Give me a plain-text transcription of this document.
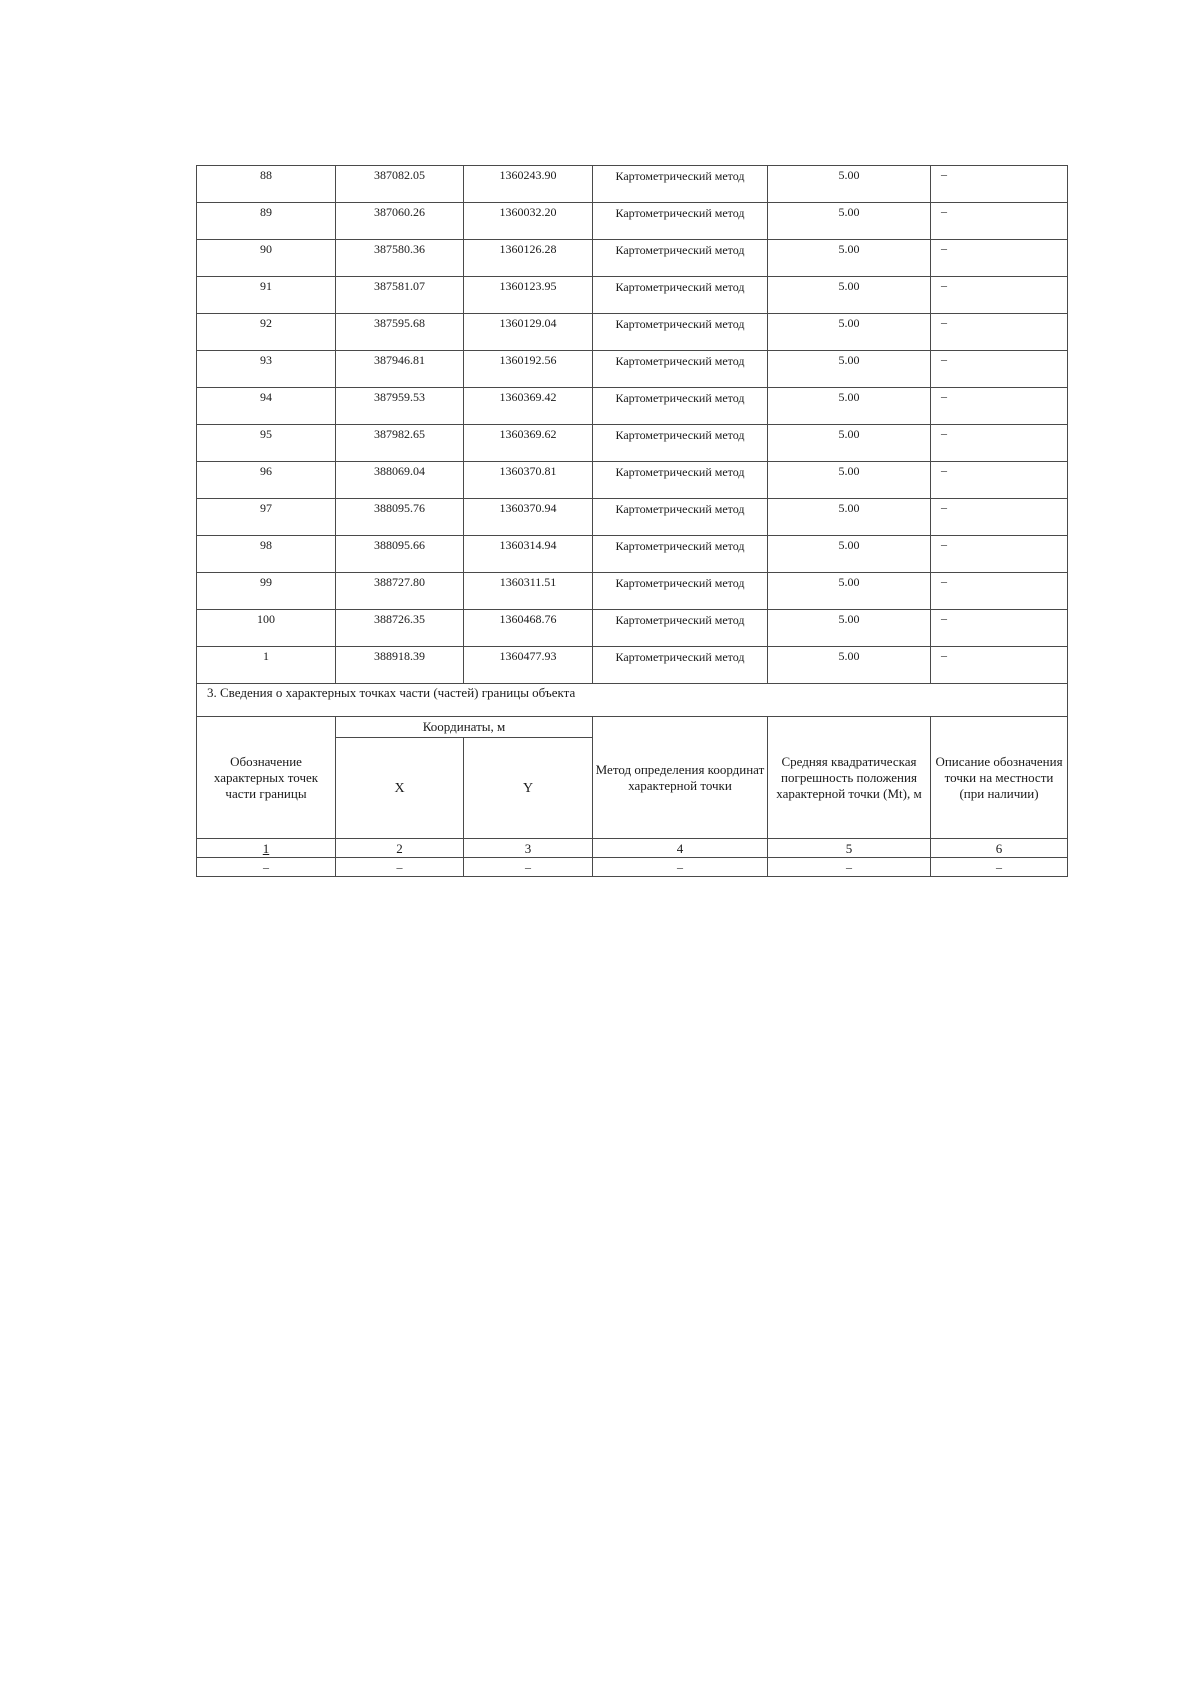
88	387082.05	1360243.90	Картометрический метод	5.00	–
89	387060.26	1360032.20	Картометрический метод	5.00	–
90	387580.36	1360126.28	Картометрический метод	5.00	–
91	387581.07	1360123.95	Картометрический метод	5.00	–
92	387595.68	1360129.04	Картометрический метод	5.00	–
93	387946.81	1360192.56	Картометрический метод	5.00	–
94	387959.53	1360369.42	Картометрический метод	5.00	–
95	387982.65	1360369.62	Картометрический метод	5.00	–
96	388069.04	1360370.81	Картометрический метод	5.00	–
97	388095.76	1360370.94	Картометрический метод	5.00	–
98	388095.66	1360314.94	Картометрический метод	5.00	–
99	388727.80	1360311.51	Картометрический метод	5.00	–
100	388726.35	1360468.76	Картометрический метод	5.00	–
1	388918.39	1360477.93	Картометрический метод	5.00	–
3. Сведения о характерных точках части (частей) границы объекта					
Обозначение характерных точек части границы	Координаты, м		Метод определения координат характерной точки	Средняя квадратическая погрешность положения характерной точки (Mt), м	Описание обозначения точки на местности (при наличии)
	X	Y			
1	2	3	4	5	6
–	–	–	–	–	–
